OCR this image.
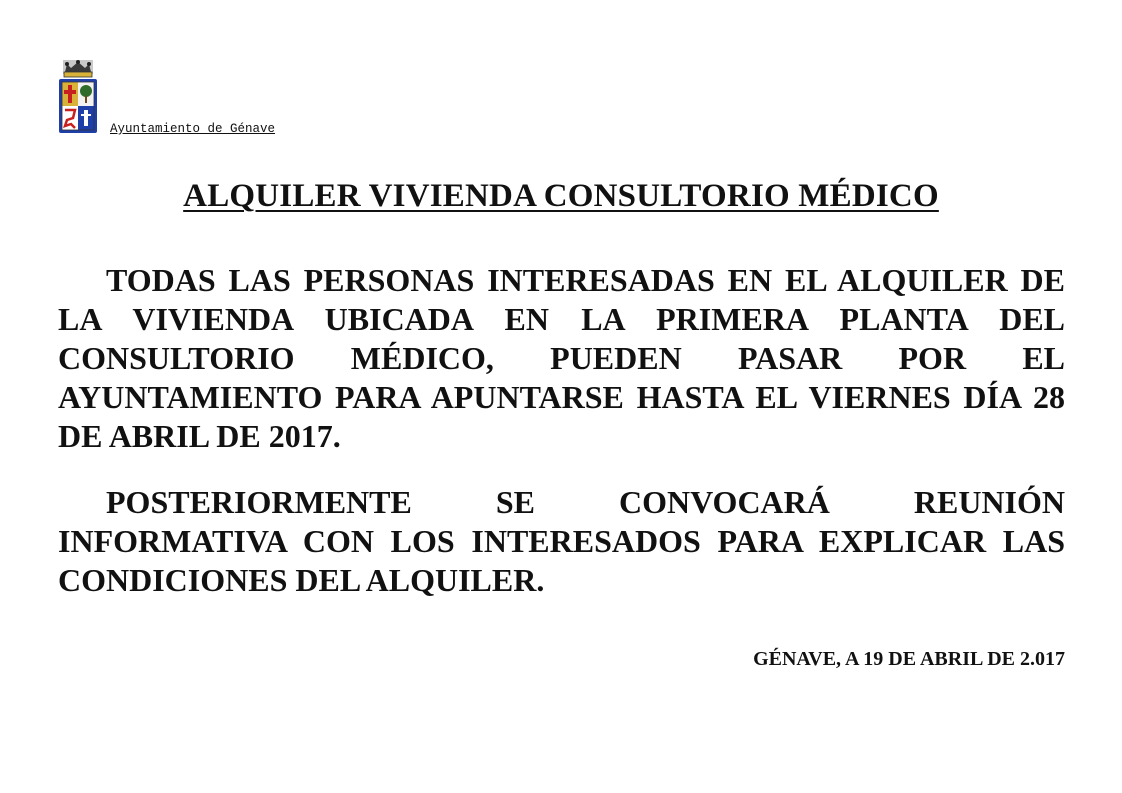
Ayuntamiento de Génave
ALQUILER VIVIENDA CONSULTORIO MÉDICO

TODAS LAS PERSONAS INTERESADAS EN EL ALQUILER DE LA VIVIENDA UBICADA EN LA PRIMERA PLANTA DEL CONSULTORIO MÉDICO, PUEDEN PASAR POR EL AYUNTAMIENTO PARA APUNTARSE HASTA EL VIERNES DÍA 28 DE ABRIL DE 2017.

POSTERIORMENTE SE CONVOCARÁ REUNIÓN INFORMATIVA CON LOS INTERESADOS PARA EXPLICAR LAS CONDICIONES DEL ALQUILER.

GÉNAVE, A 19 DE ABRIL DE 2.017
